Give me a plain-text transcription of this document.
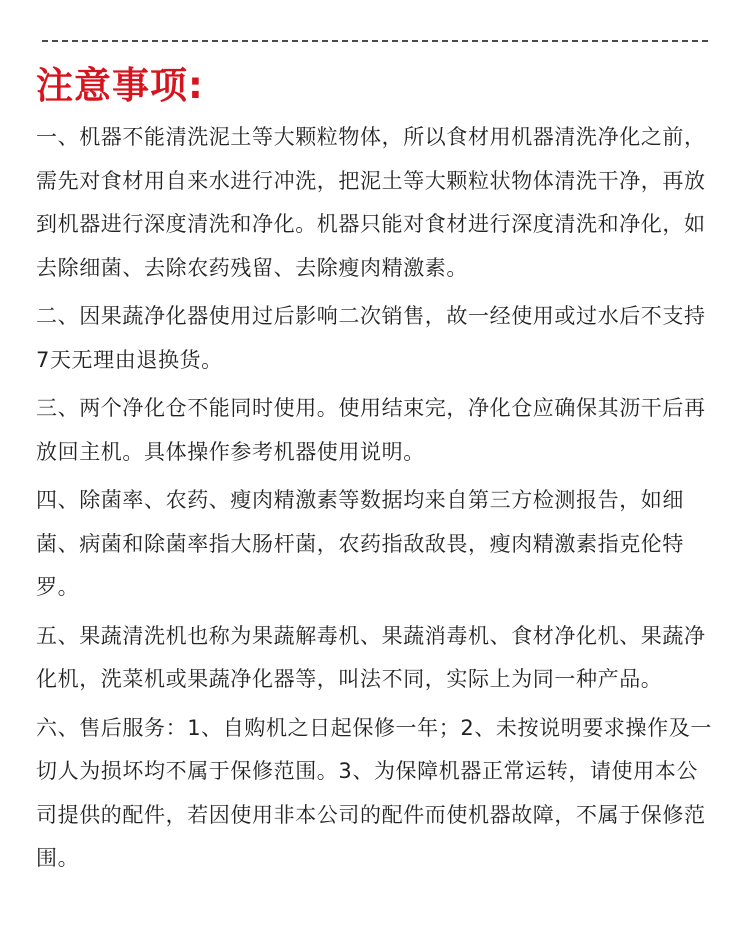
注意事项:

一、机器不能清洗泥土等大颗粒物体，所以食材用机器清洗净化之前，需先对食材用自来水进行冲洗，把泥土等大颗粒状物体清洗干净，再放到机器进行深度清洗和净化。机器只能对食材进行深度清洗和净化，如去除细菌、去除农药残留、去除瘦肉精激素。

二、因果蔬净化器使用过后影响二次销售，故一经使用或过水后不支持7天无理由退换货。

三、两个净化仓不能同时使用。使用结束完，净化仓应确保其沥干后再放回主机。具体操作参考机器使用说明。

四、除菌率、农药、瘦肉精激素等数据均来自第三方检测报告，如细菌、病菌和除菌率指大肠杆菌，农药指敌敌畏，瘦肉精激素指克伦特罗。

五、果蔬清洗机也称为果蔬解毒机、果蔬消毒机、食材净化机、果蔬净化机，洗菜机或果蔬净化器等，叫法不同，实际上为同一种产品。

六、售后服务：1、自购机之日起保修一年；2、未按说明要求操作及一切人为损坏均不属于保修范围。3、为保障机器正常运转，请使用本公司提供的配件，若因使用非本公司的配件而使机器故障，不属于保修范围。
